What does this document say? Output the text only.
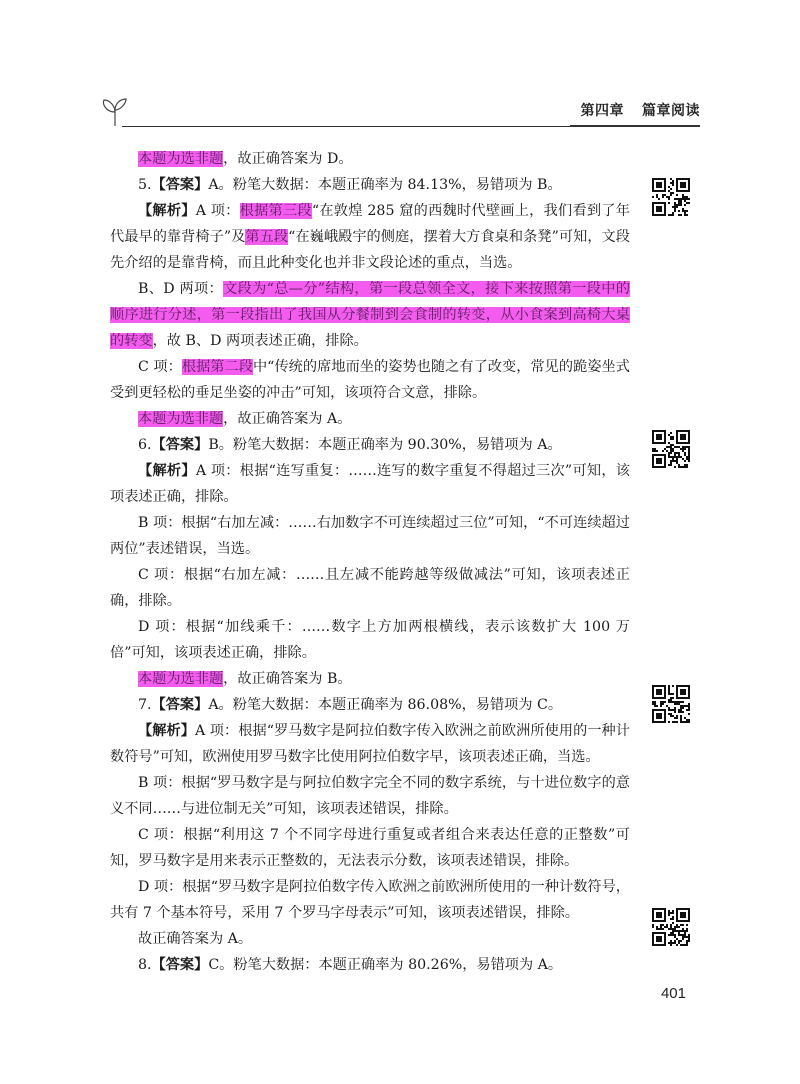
第四章 篇章阅读

本题为选非题，故正确答案为 D。

5.【答案】A。粉笔大数据：本题正确率为 84.13%，易错项为 B。

【解析】A 项：根据第三段“在敦煌 285 窟的西魏时代壁画上，我们看到了年代最早的靠背椅子”及第五段“在巍峨殿宇的侧庭，摆着大方食桌和条凳”可知，文段先介绍的是靠背椅，而且此种变化也并非文段论述的重点，当选。

B、D 两项：文段为“总—分”结构，第一段总领全文，接下来按照第一段中的顺序进行分述，第一段指出了我国从分餐制到会食制的转变，从小食案到高椅大桌的转变，故 B、D 两项表述正确，排除。

C 项：根据第二段中“传统的席地而坐的姿势也随之有了改变，常见的跪姿坐式受到更轻松的垂足坐姿的冲击”可知，该项符合文意，排除。

本题为选非题，故正确答案为 A。

6.【答案】B。粉笔大数据：本题正确率为 90.30%，易错项为 A。

【解析】A 项：根据“连写重复：……连写的数字重复不得超过三次”可知，该项表述正确，排除。

B 项：根据“右加左减：……右加数字不可连续超过三位”可知，“不可连续超过两位”表述错误，当选。

C 项：根据“右加左减：……且左减不能跨越等级做减法”可知，该项表述正确，排除。

D 项：根据“加线乘千：……数字上方加两根横线，表示该数扩大 100 万倍”可知，该项表述正确，排除。

本题为选非题，故正确答案为 B。

7.【答案】A。粉笔大数据：本题正确率为 86.08%，易错项为 C。

【解析】A 项：根据“罗马数字是阿拉伯数字传入欧洲之前欧洲所使用的一种计数符号”可知，欧洲使用罗马数字比使用阿拉伯数字早，该项表述正确，当选。

B 项：根据“罗马数字是与阿拉伯数字完全不同的数字系统，与十进位数字的意义不同……与进位制无关”可知，该项表述错误，排除。

C 项：根据“利用这 7 个不同字母进行重复或者组合来表达任意的正整数”可知，罗马数字是用来表示正整数的，无法表示分数，该项表述错误，排除。

D 项：根据“罗马数字是阿拉伯数字传入欧洲之前欧洲所使用的一种计数符号，共有 7 个基本符号，采用 7 个罗马字母表示”可知，该项表述错误，排除。

故正确答案为 A。

8.【答案】C。粉笔大数据：本题正确率为 80.26%，易错项为 A。

401
